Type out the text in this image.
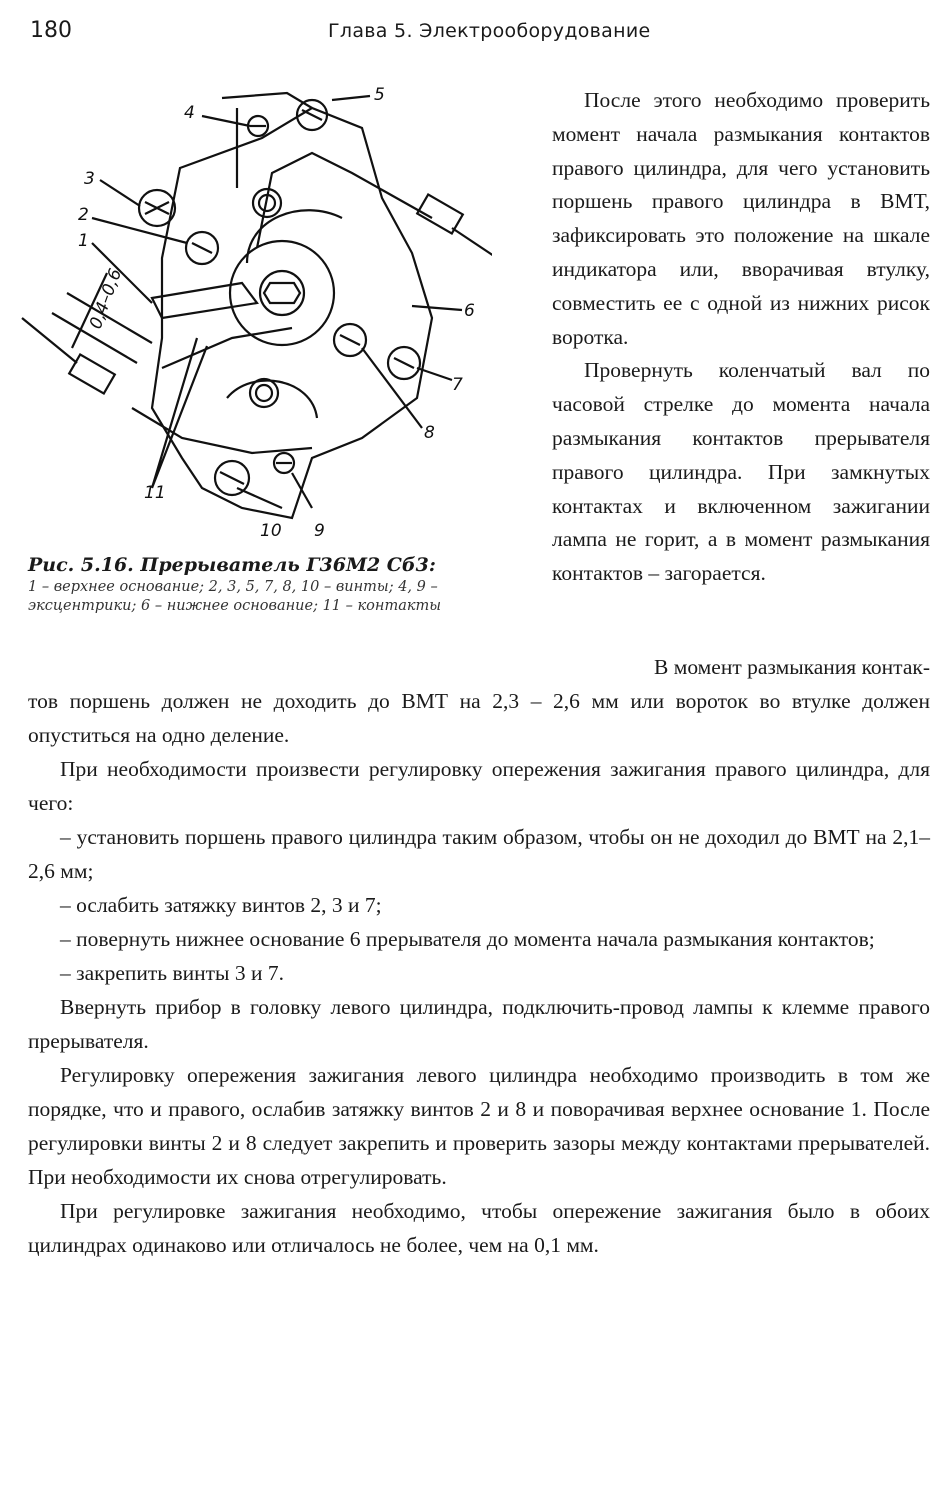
180	Глава 5. Электрооборудование
4
5
3
2
1
6
7
8
11
10 9
0,4–0,6

Рис. 5.16. Прерыватель Г36М2 Сб3:

1 – верхнее основание; 2, 3, 5, 7, 8, 10 – винты; 4, 9 – эксцентрики; 6 – нижнее основание; 11 – контакты

После этого необходимо проверить момент начала размыкания контактов правого цилиндра, для чего установить поршень правого цилиндра в ВМТ, зафиксировать это положение на шкале индикатора или, вворачивая втулку, совместить ее с одной из нижних рисок воротка.

Провернуть коленчатый вал по часовой стрелке до момента начала размыкания контактов прерывателя правого цилиндра. При замкнутых контактах и включенном зажигании лампа не горит, а в момент размыкания контактов – загорается.

В момент размыкания контак-

тов поршень должен не доходить до ВМТ на 2,3 – 2,6 мм или вороток во втулке должен опуститься на одно деление.

При необходимости произвести регулировку опережения зажигания правого цилиндра, для чего:

– установить поршень правого цилиндра таким образом, чтобы он не доходил до ВМТ на 2,1–2,6 мм;

– ослабить затяжку винтов 2, 3 и 7;

– повернуть нижнее основание 6 прерывателя до момента начала размыкания контактов;

– закрепить винты 3 и 7.

Ввернуть прибор в головку левого цилиндра, подключить-провод лампы к клемме правого прерывателя.

Регулировку опережения зажигания левого цилиндра необходимо производить в том же порядке, что и правого, ослабив затяжку винтов 2 и 8 и поворачивая верхнее основание 1. После регулировки винты 2 и 8 следует закрепить и проверить зазоры между контактами прерывателей. При необходимости их снова отрегулировать.

При регулировке зажигания необходимо, чтобы опережение зажигания было в обоих цилиндрах одинаково или отличалось не более, чем на 0,1 мм.
